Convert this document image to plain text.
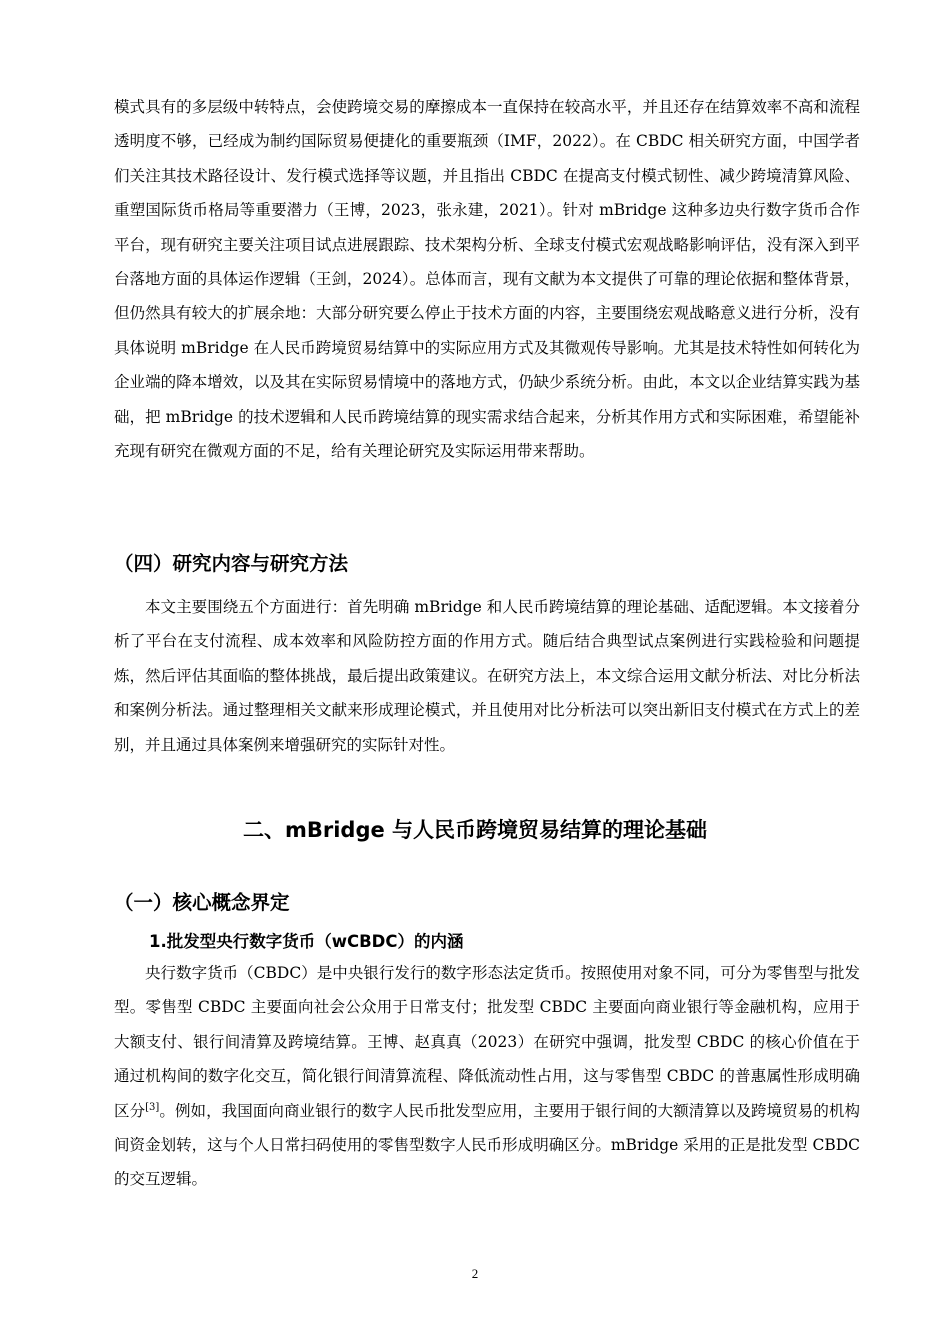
模式具有的多层级中转特点，会使跨境交易的摩擦成本一直保持在较高水平，并且还存在结算效率不高和流程透明度不够，已经成为制约国际贸易便捷化的重要瓶颈（IMF，2022）。在 CBDC 相关研究方面，中国学者们关注其技术路径设计、发行模式选择等议题，并且指出 CBDC 在提高支付模式韧性、减少跨境清算风险、重塑国际货币格局等重要潜力（王博，2023，张永建，2021）。针对 mBridge 这种多边央行数字货币合作平台，现有研究主要关注项目试点进展跟踪、技术架构分析、全球支付模式宏观战略影响评估，没有深入到平台落地方面的具体运作逻辑（王剑，2024）。总体而言，现有文献为本文提供了可靠的理论依据和整体背景，但仍然具有较大的扩展余地：大部分研究要么停止于技术方面的内容，主要围绕宏观战略意义进行分析，没有具体说明 mBridge 在人民币跨境贸易结算中的实际应用方式及其微观传导影响。尤其是技术特性如何转化为企业端的降本增效，以及其在实际贸易情境中的落地方式，仍缺少系统分析。由此，本文以企业结算实践为基础，把 mBridge 的技术逻辑和人民币跨境结算的现实需求结合起来，分析其作用方式和实际困难，希望能补充现有研究在微观方面的不足，给有关理论研究及实际运用带来帮助。

（四）研究内容与研究方法

本文主要围绕五个方面进行：首先明确 mBridge 和人民币跨境结算的理论基础、适配逻辑。本文接着分析了平台在支付流程、成本效率和风险防控方面的作用方式。随后结合典型试点案例进行实践检验和问题提炼，然后评估其面临的整体挑战，最后提出政策建议。在研究方法上，本文综合运用文献分析法、对比分析法和案例分析法。通过整理相关文献来形成理论模式，并且使用对比分析法可以突出新旧支付模式在方式上的差别，并且通过具体案例来增强研究的实际针对性。

二、mBridge 与人民币跨境贸易结算的理论基础
（一）核心概念界定
1.批发型央行数字货币（wCBDC）的内涵

央行数字货币（CBDC）是中央银行发行的数字形态法定货币。按照使用对象不同，可分为零售型与批发型。零售型 CBDC 主要面向社会公众用于日常支付；批发型 CBDC 主要面向商业银行等金融机构，应用于大额支付、银行间清算及跨境结算。王博、赵真真（2023）在研究中强调，批发型 CBDC 的核心价值在于通过机构间的数字化交互，简化银行间清算流程、降低流动性占用，这与零售型 CBDC 的普惠属性形成明确区分[3]。例如，我国面向商业银行的数字人民币批发型应用，主要用于银行间的大额清算以及跨境贸易的机构间资金划转，这与个人日常扫码使用的零售型数字人民币形成明确区分。mBridge 采用的正是批发型 CBDC 的交互逻辑。

2
